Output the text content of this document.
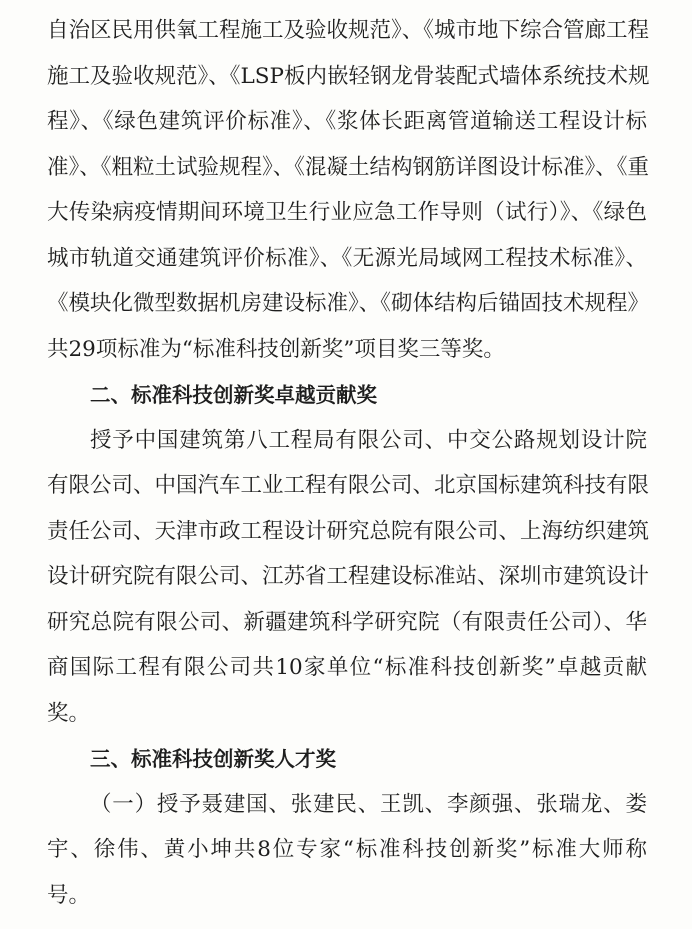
自治区民用供氧工程施工及验收规范》、《城市地下综合管廊工程
施工及验收规范》、《LSP板内嵌轻钢龙骨装配式墙体系统技术规
程》、《绿色建筑评价标准》、《浆体长距离管道输送工程设计标
准》、《粗粒土试验规程》、《混凝土结构钢筋详图设计标准》、《重
大传染病疫情期间环境卫生行业应急工作导则（试行）》、《绿色
城市轨道交通建筑评价标准》、《无源光局域网工程技术标准》、
《模块化微型数据机房建设标准》、《砌体结构后锚固技术规程》
共29项标准为“标准科技创新奖”项目奖三等奖。
二、标准科技创新奖卓越贡献奖
授予中国建筑第八工程局有限公司、中交公路规划设计院
有限公司、中国汽车工业工程有限公司、北京国标建筑科技有限
责任公司、天津市政工程设计研究总院有限公司、上海纺织建筑
设计研究院有限公司、江苏省工程建设标准站、深圳市建筑设计
研究总院有限公司、新疆建筑科学研究院（有限责任公司）、华
商国际工程有限公司共10家单位“标准科技创新奖”卓越贡献
奖。
三、标准科技创新奖人才奖
（一）授予聂建国、张建民、王凯、李颜强、张瑞龙、娄
宇、徐伟、黄小坤共8位专家“标准科技创新奖”标准大师称
号。
